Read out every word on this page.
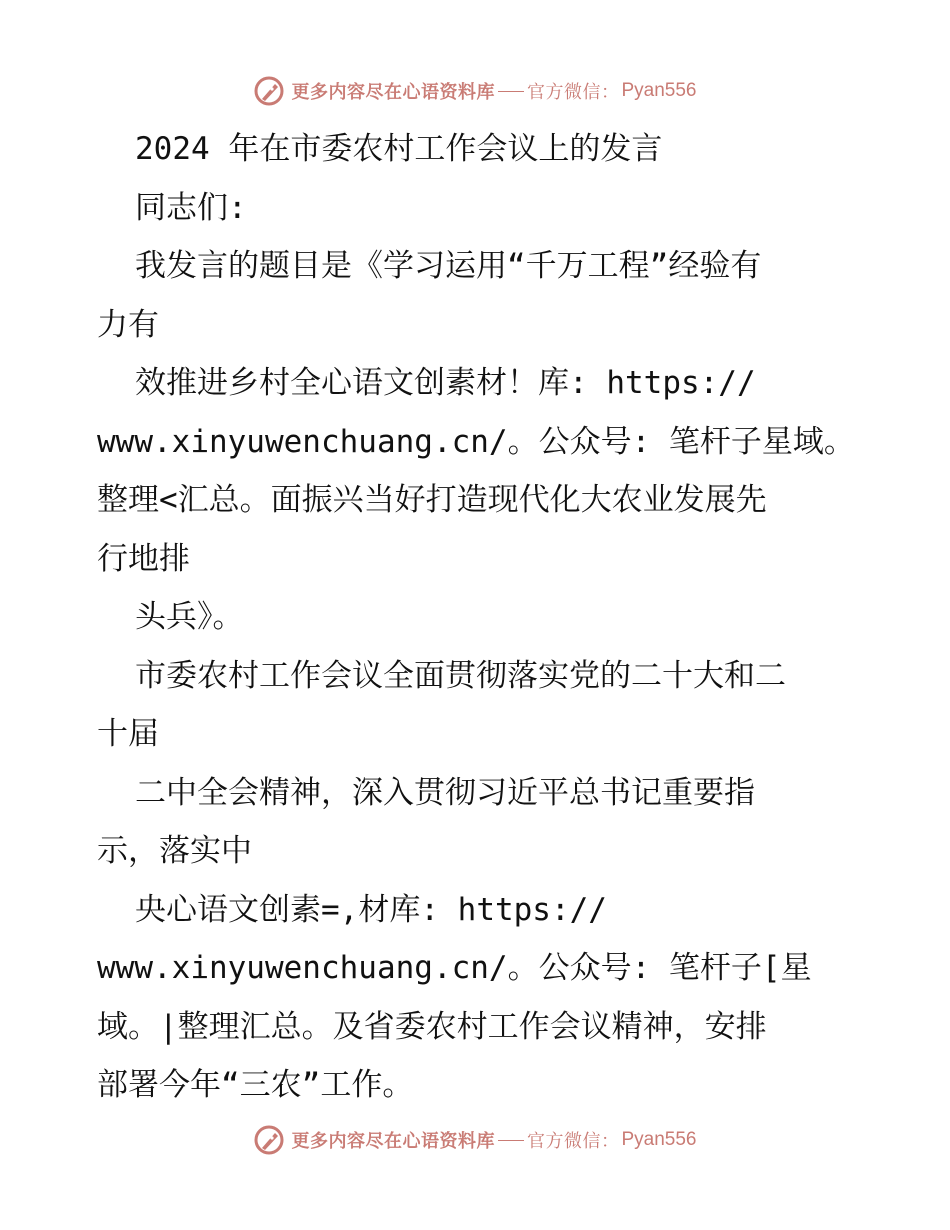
更多内容尽在心语资料库 官方微信： Pyan556
2024 年在市委农村工作会议上的发言
同志们:
我发言的题目是《学习运用“千万工程”经验有
力有
效推进乡村全心语文创素材！库: https://
www.xinyuwenchuang.cn/。公众号: 笔杆子星域。
整理<汇总。面振兴当好打造现代化大农业发展先
行地排
头兵》。
市委农村工作会议全面贯彻落实党的二十大和二
十届
二中全会精神，深入贯彻习近平总书记重要指
示，落实中
央心语文创素=,材库: https://
www.xinyuwenchuang.cn/。公众号: 笔杆子[星
域。|整理汇总。及省委农村工作会议精神，安排
部署今年“三农”工作。
更多内容尽在心语资料库 官方微信： Pyan556
